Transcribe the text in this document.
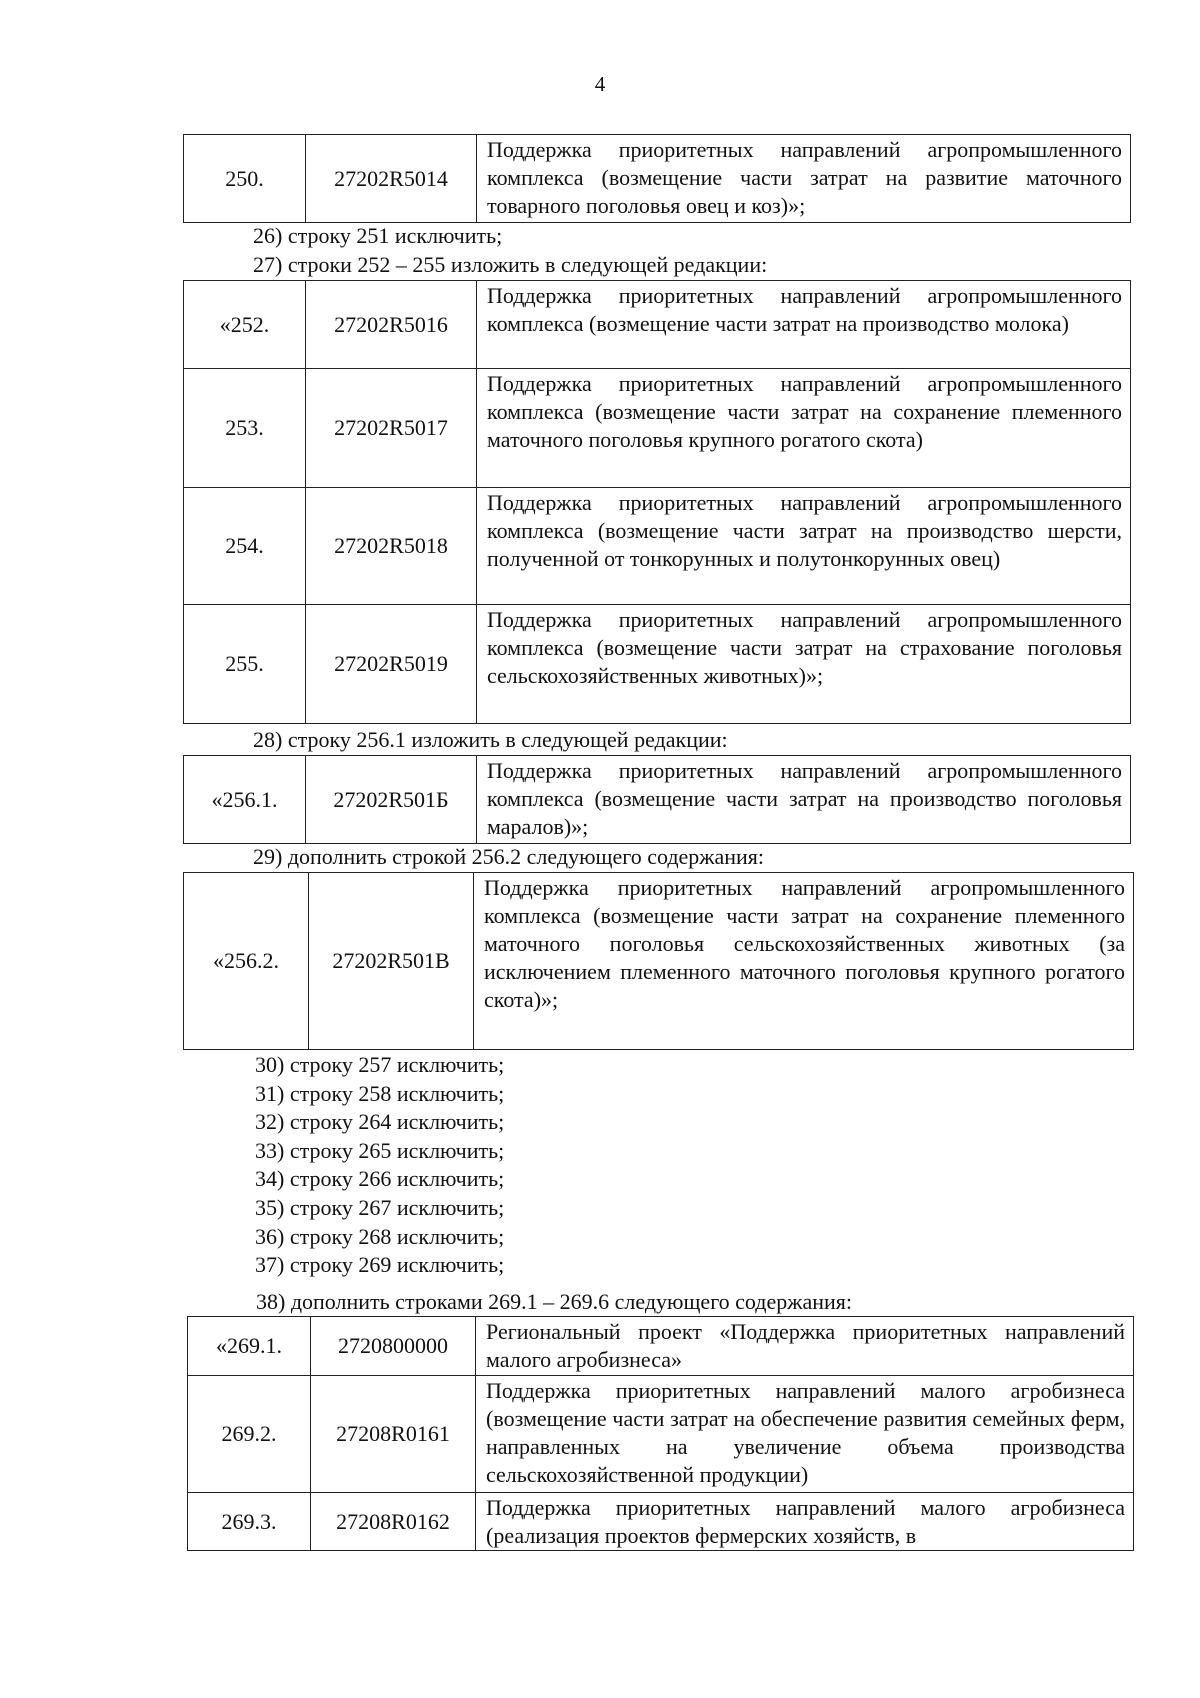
4
250.	27202R5014	Поддержка приоритетных направлений агропромышленного комплекса (возмещение части затрат на развитие маточного товарного поголовья овец и коз)»;
26) строку 251 исключить;
27) строки 252 – 255 изложить в следующей редакции:
«252.	27202R5016	Поддержка приоритетных направлений агропромышленного комплекса (возмещение части затрат на производство молока)
253.	27202R5017	Поддержка приоритетных направлений агропромышленного комплекса (возмещение части затрат на сохранение племенного маточного поголовья крупного рогатого скота)
254.	27202R5018	Поддержка приоритетных направлений агропромышленного комплекса (возмещение части затрат на производство шерсти, полученной от тонкорунных и полутонкорунных овец)
255.	27202R5019	Поддержка приоритетных направлений агропромышленного комплекса (возмещение части затрат на страхование поголовья сельскохозяйственных животных)»;
28) строку 256.1 изложить в следующей редакции:
«256.1.	27202R501Б	Поддержка приоритетных направлений агропромышленного комплекса (возмещение части затрат на производство поголовья маралов)»;
29) дополнить строкой 256.2 следующего содержания:
«256.2.	27202R501В	Поддержка приоритетных направлений агропромышленного комплекса (возмещение части затрат на сохранение племенного маточного поголовья сельскохозяйственных животных (за исключением племенного маточного поголовья крупного рогатого скота)»;
30) строку 257 исключить;
31) строку 258 исключить;
32) строку 264 исключить;
33) строку 265 исключить;
34) строку 266 исключить;
35) строку 267 исключить;
36) строку 268 исключить;
37) строку 269 исключить;
38) дополнить строками 269.1 – 269.6 следующего содержания:
«269.1.	2720800000	Региональный проект «Поддержка приоритетных направлений малого агробизнеса»
269.2.	27208R0161	Поддержка приоритетных направлений малого агробизнеса (возмещение части затрат на обеспечение развития семейных ферм, направленных на увеличение объема производства сельскохозяйственной продукции)
269.3.	27208R0162	Поддержка приоритетных направлений малого агробизнеса (реализация проектов фермерских хозяйств, в
